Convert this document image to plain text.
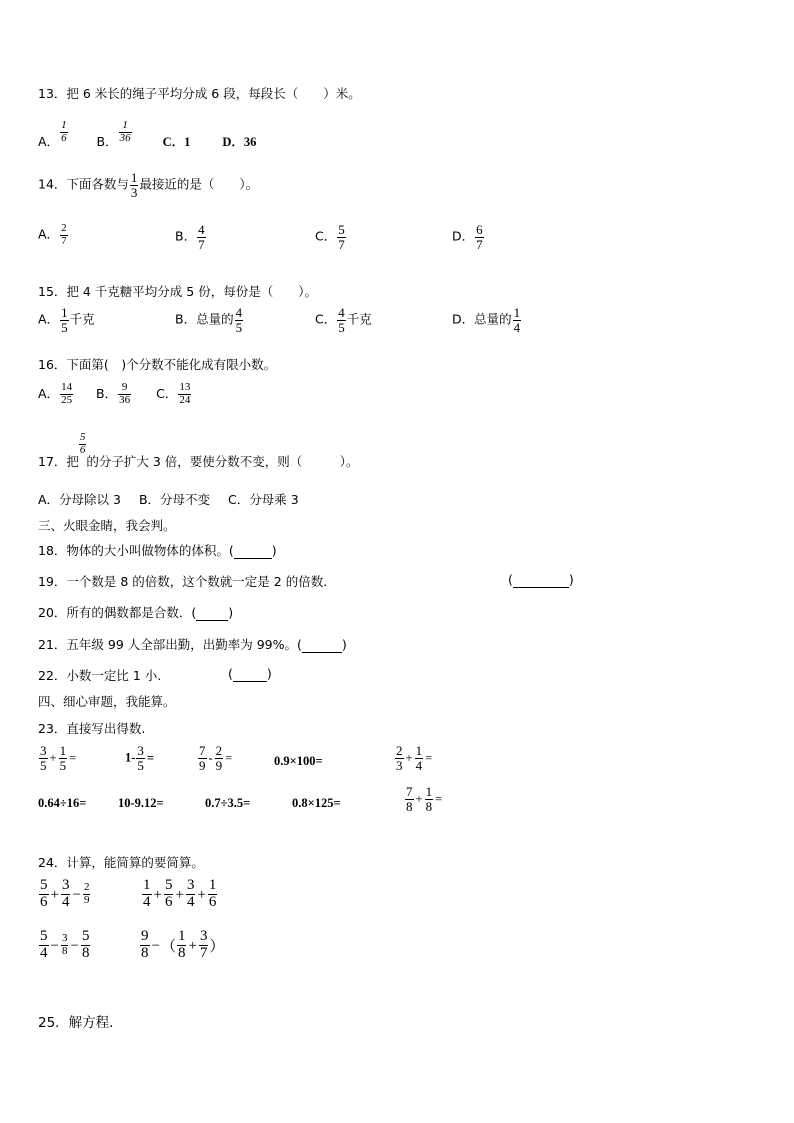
13．把 6 米长的绳子平均分成 6 段，每段长（　　）米。
A． $\frac{1}{6}$ B． $\frac{1}{36}$ C．1	D．36
14．下面各数与 $\frac{1}{3}$ 最接近的是（　　）。
A． $\frac{2}{7}$	B． $\frac{4}{7}$	C． $\frac{5}{7}$	D． $\frac{6}{7}$
15．把 4 千克糖平均分成 5 份，每份是（　　）。
A． $\frac{1}{5}$ 千克	B．总量的 $\frac{4}{5}$	C． $\frac{4}{5}$ 千克	D．总量的 $\frac{1}{4}$
16．下面第(　)个分数不能化成有限小数。
A． $\frac{14}{25}$ B． $\frac{9}{36}$ C． $\frac{13}{24}$
17．把
$\frac{5}{6}$
的分子扩大 3 倍，要使分数不变，则（　　　）。
A．分母除以 3 B．分母不变 C．分母乘 3
三、火眼金睛，我会判。
18．物体的大小叫做物体的体积。(	)
19．一个数是 8 的倍数，这个数就一定是 2 的倍数.	(	)
20．所有的偶数都是合数．(	)
21．五年级 99 人全部出勤，出勤率为 99%。(	)
22．小数一定比 1 小.	(	)
四、细心审题，我能算。
23．直接写出得数.
$\frac{3}{5} + \frac{1}{5}$ =	$1- \frac{3}{5}$ =	$\frac{7}{9} - \frac{2}{9}$ =	0.9×100=	$\frac{2}{3} + \frac{1}{4}$ =
0.64÷16=	10-9.12=	0.7÷3.5=	0.8×125=	$\frac{7}{8} + \frac{1}{8}$ =
24．计算，能简算的要简算。
$\frac{5}{6} + \frac{3}{4} - \frac{2}{9}$	$\frac{1}{4} + \frac{5}{6} + \frac{3}{4} + \frac{1}{6}$
$\frac{5}{4} - \frac{3}{8} - \frac{5}{8}$	$\frac{9}{8}$ −（ $\frac{1}{8} + \frac{3}{7}$ ）
25．解方程.
